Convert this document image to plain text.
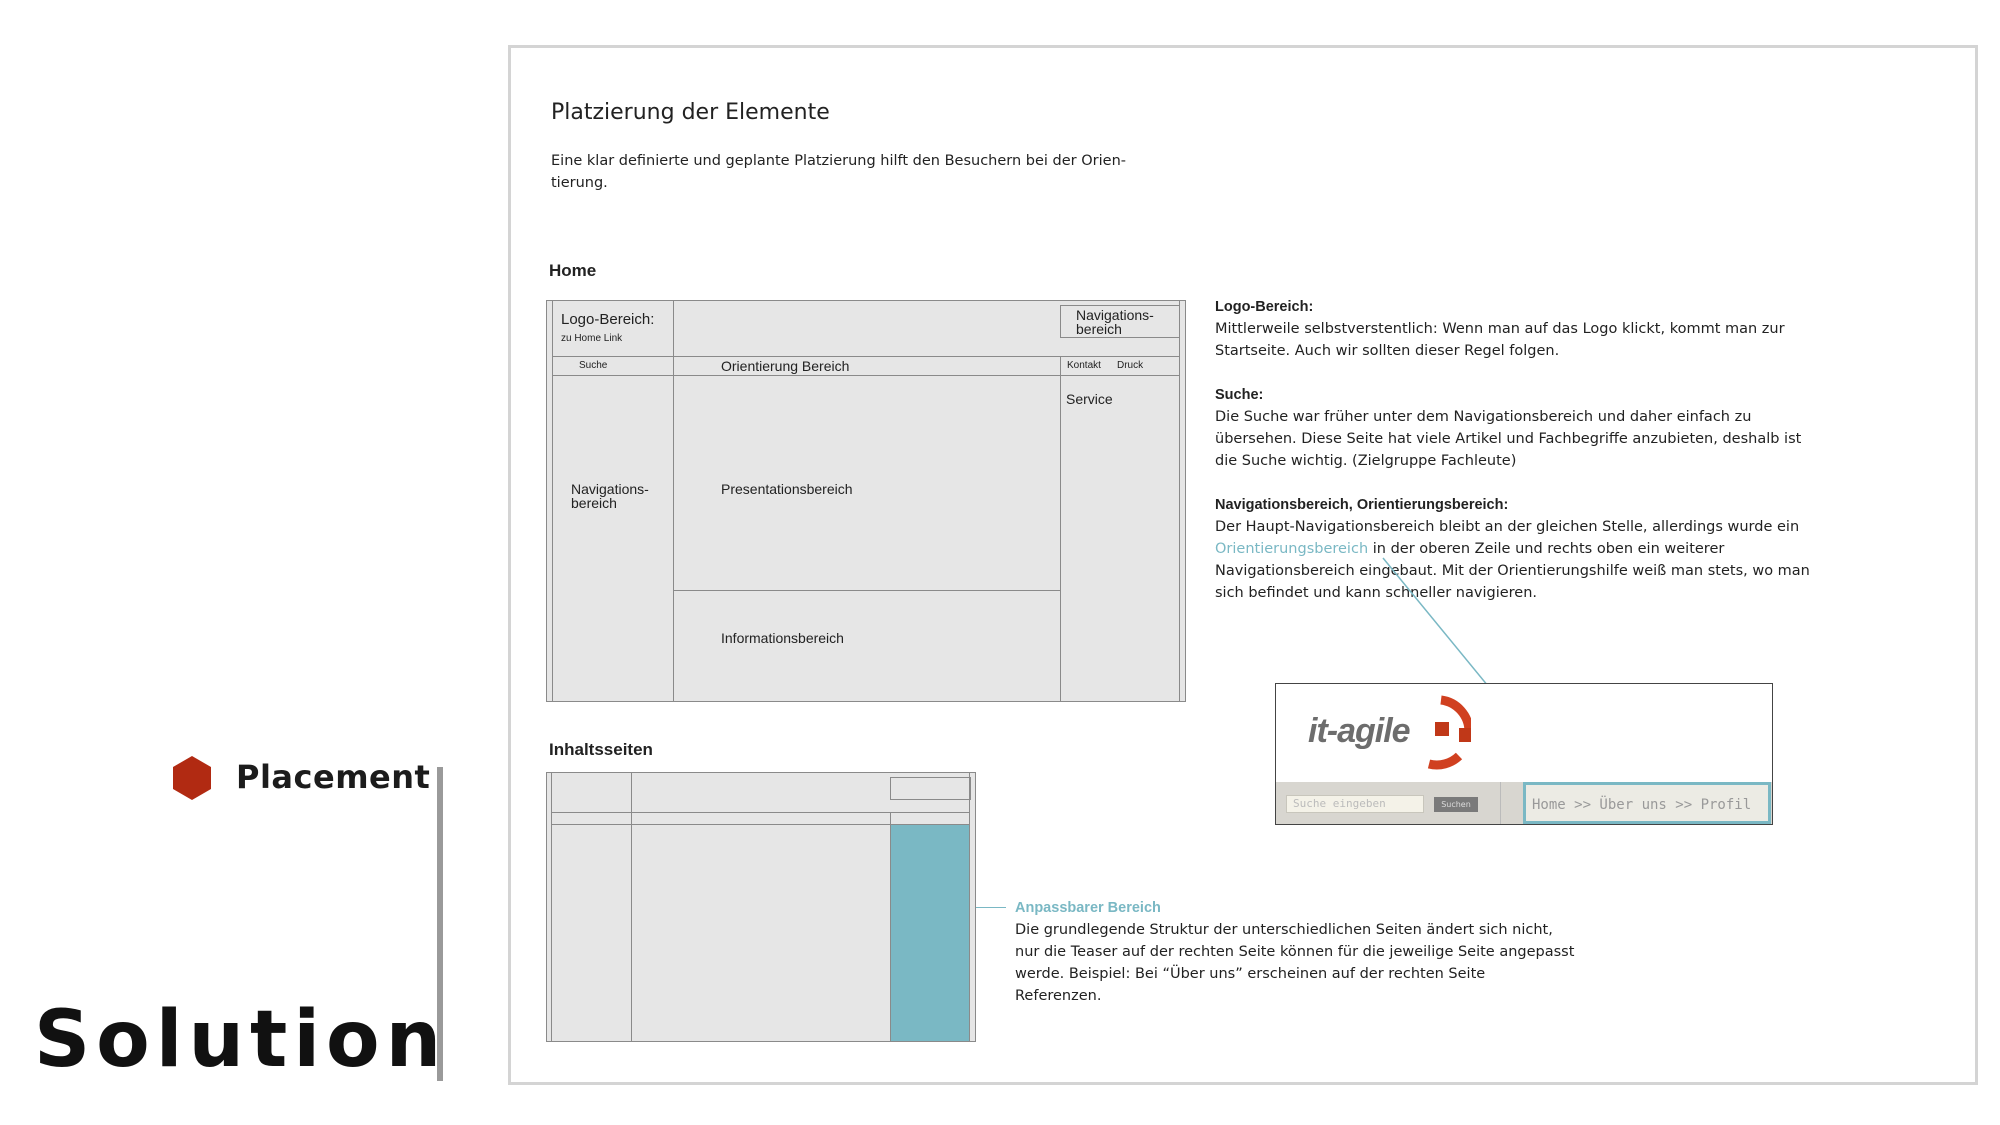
Placement
Solution
Platzierung der Elemente
Eine klar definierte und geplante Platzierung hilft den Besuchern bei der Orien-tierung.
Home
Logo-Bereich:
zu Home Link
Navigations-
bereich
Suche	Orientierung Bereich	Kontakt Druck
Service
Navigations-
bereich
Presentationsbereich
Informationsbereich
Inhaltsseiten

Logo-Bereich:
Mittlerweile selbstverstentlich: Wenn man auf das Logo klickt, kommt man zur Startseite. Auch wir sollten dieser Regel folgen.

Suche:
Die Suche war früher unter dem Navigationsbereich und daher einfach zu übersehen. Diese Seite hat viele Artikel und Fachbegriffe anzubieten, deshalb ist die Suche wichtig. (Zielgruppe Fachleute)

Navigationsbereich, Orientierungsbereich:
Der Haupt-Navigationsbereich bleibt an der gleichen Stelle, allerdings wurde ein Orientierungsbereich in der oberen Zeile und rechts oben ein weiterer Navigationsbereich eingebaut. Mit der Orientierungshilfe weiß man stets, wo man sich befindet und kann schneller navigieren.

it-agile
Suche eingeben	Suchen	Home >> Über uns >> Profil
Anpassbarer Bereich
Die grundlegende Struktur der unterschiedlichen Seiten ändert sich nicht, nur die Teaser auf der rechten Seite können für die jeweilige Seite angepasst werde. Beispiel: Bei “Über uns” erscheinen auf der rechten Seite Referenzen.
